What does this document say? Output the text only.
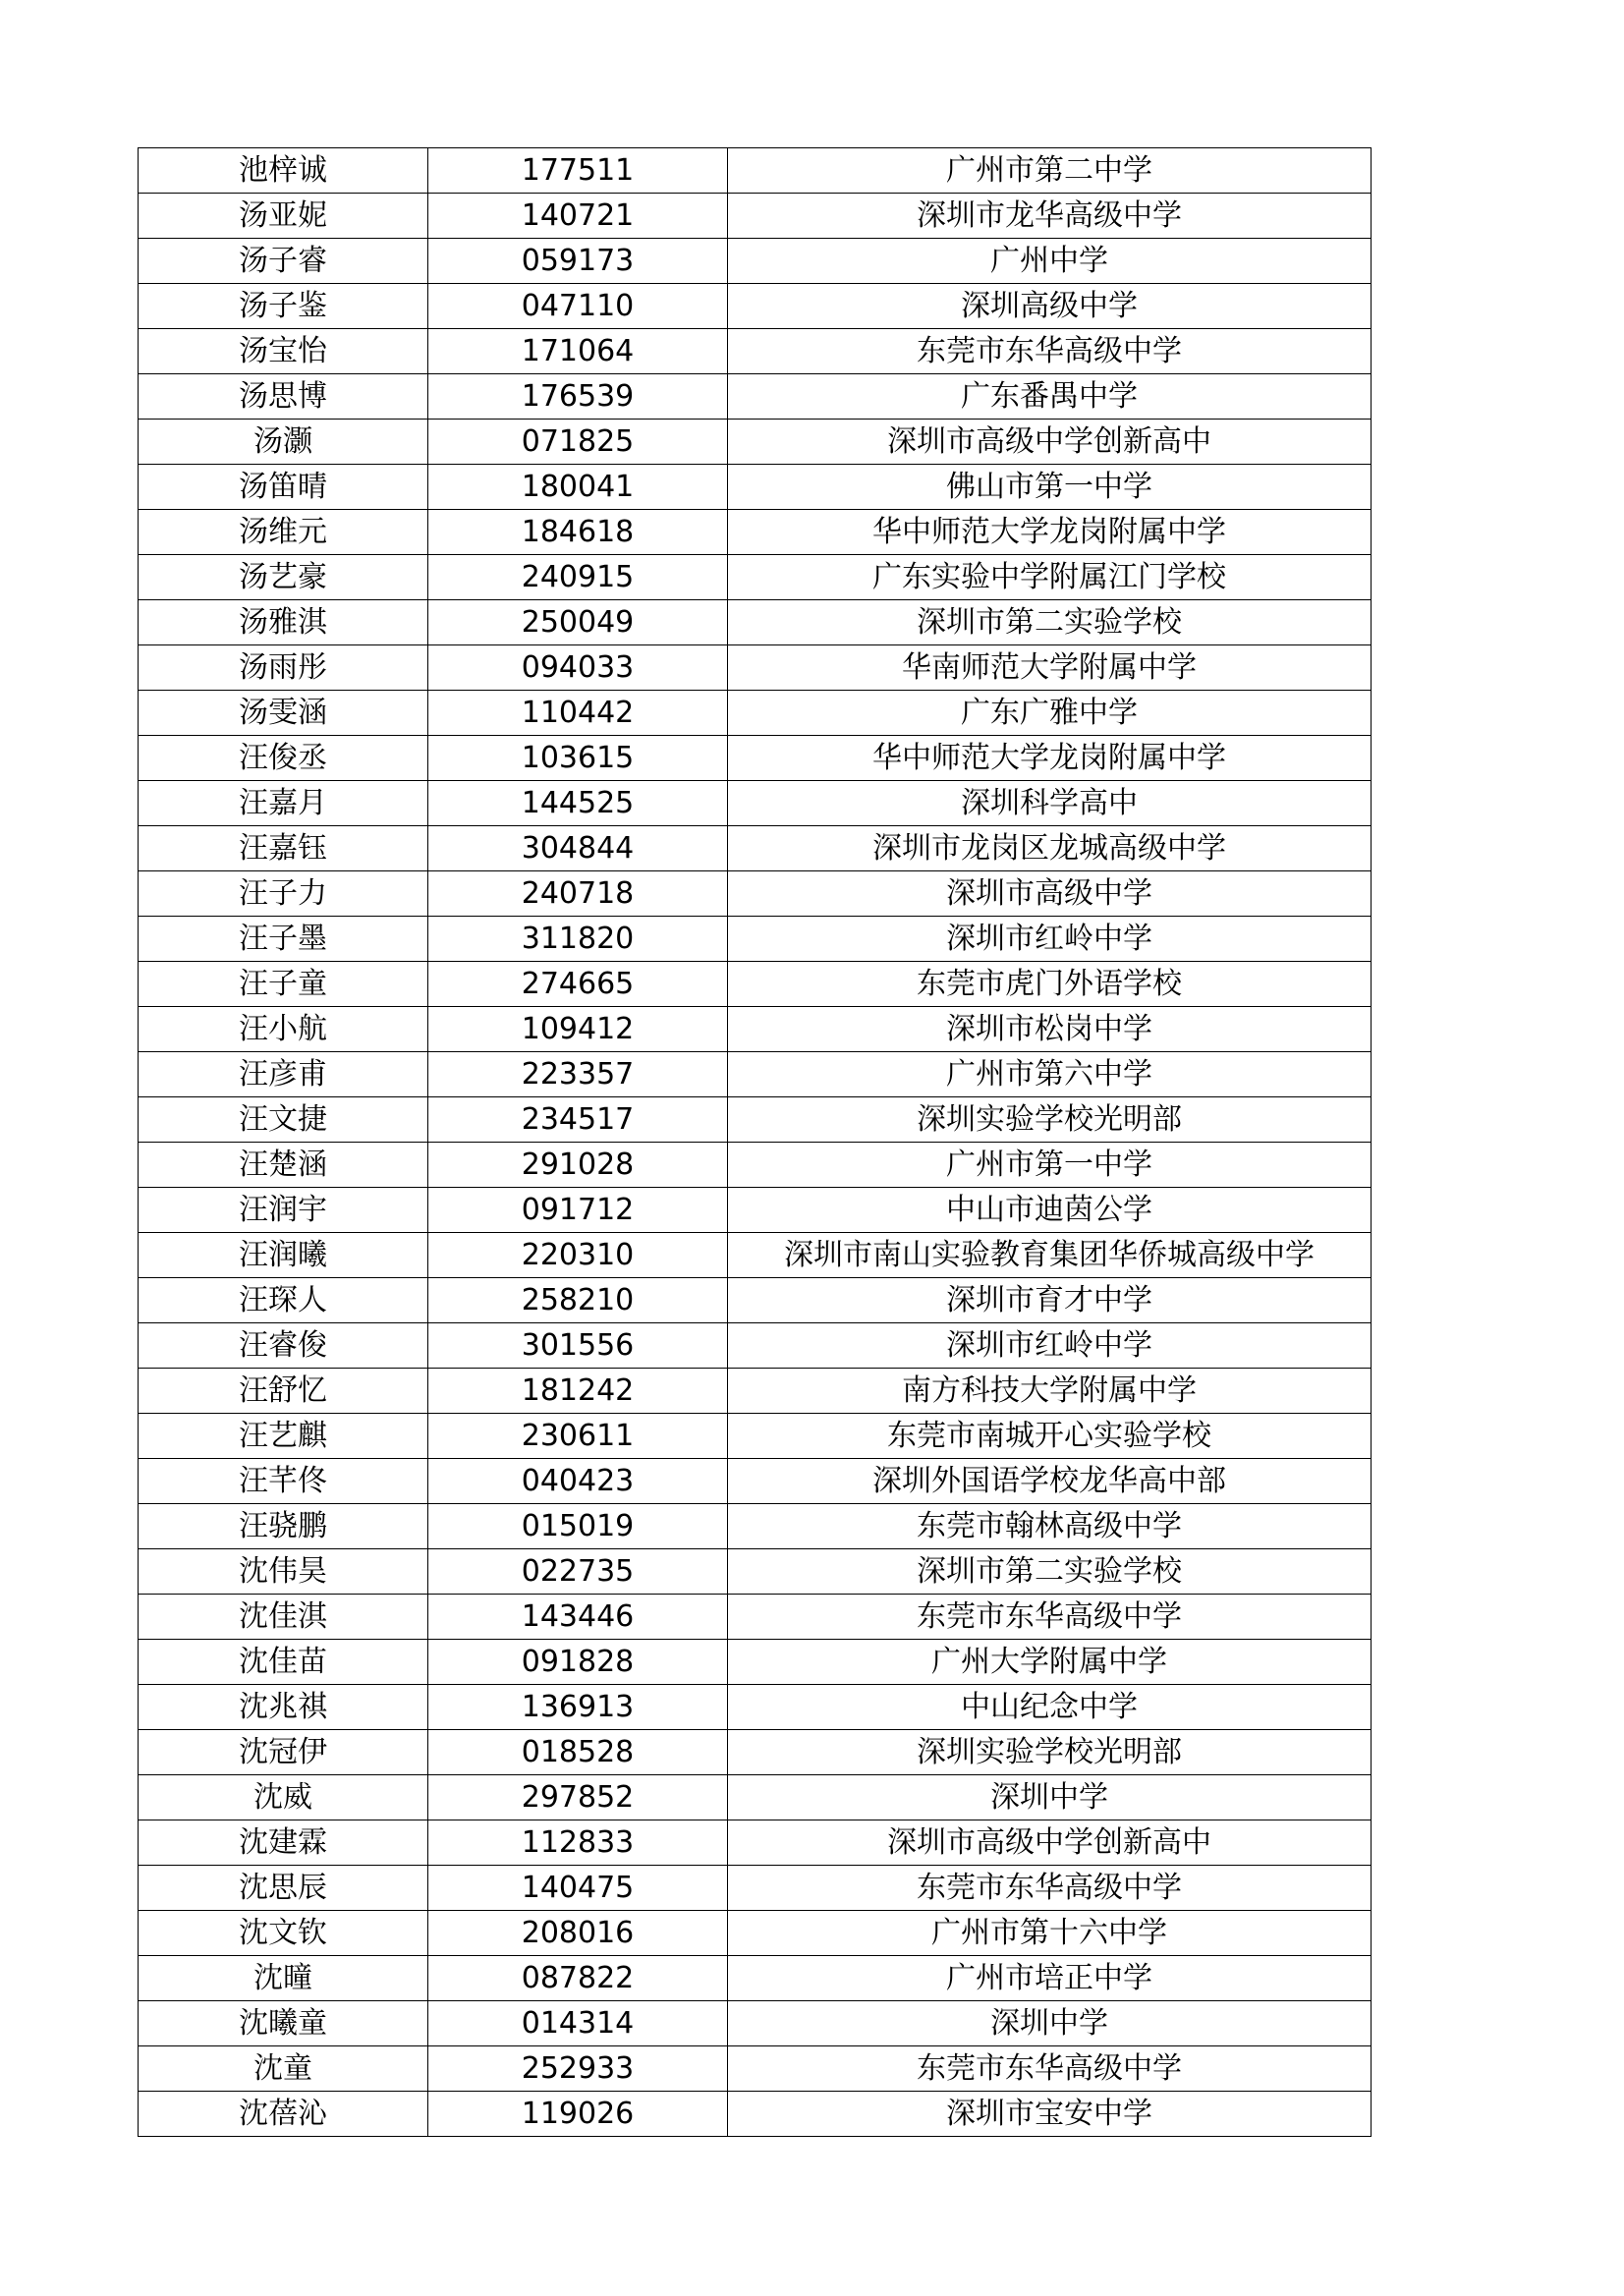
池梓诚	177511	广州市第二中学
汤亚妮	140721	深圳市龙华高级中学
汤子睿	059173	广州中学
汤子鉴	047110	深圳高级中学
汤宝怡	171064	东莞市东华高级中学
汤思博	176539	广东番禺中学
汤灏	071825	深圳市高级中学创新高中
汤笛晴	180041	佛山市第一中学
汤维元	184618	华中师范大学龙岗附属中学
汤艺豪	240915	广东实验中学附属江门学校
汤雅淇	250049	深圳市第二实验学校
汤雨彤	094033	华南师范大学附属中学
汤雯涵	110442	广东广雅中学
汪俊丞	103615	华中师范大学龙岗附属中学
汪嘉月	144525	深圳科学高中
汪嘉钰	304844	深圳市龙岗区龙城高级中学
汪子力	240718	深圳市高级中学
汪子墨	311820	深圳市红岭中学
汪子童	274665	东莞市虎门外语学校
汪小航	109412	深圳市松岗中学
汪彦甫	223357	广州市第六中学
汪文捷	234517	深圳实验学校光明部
汪楚涵	291028	广州市第一中学
汪润宇	091712	中山市迪茵公学
汪润曦	220310	深圳市南山实验教育集团华侨城高级中学
汪琛人	258210	深圳市育才中学
汪睿俊	301556	深圳市红岭中学
汪舒忆	181242	南方科技大学附属中学
汪艺麒	230611	东莞市南城开心实验学校
汪芊佟	040423	深圳外国语学校龙华高中部
汪骁鹏	015019	东莞市翰林高级中学
沈伟昊	022735	深圳市第二实验学校
沈佳淇	143446	东莞市东华高级中学
沈佳苗	091828	广州大学附属中学
沈兆祺	136913	中山纪念中学
沈冠伊	018528	深圳实验学校光明部
沈威	297852	深圳中学
沈建霖	112833	深圳市高级中学创新高中
沈思辰	140475	东莞市东华高级中学
沈文钦	208016	广州市第十六中学
沈曈	087822	广州市培正中学
沈曦童	014314	深圳中学
沈童	252933	东莞市东华高级中学
沈蓓沁	119026	深圳市宝安中学
